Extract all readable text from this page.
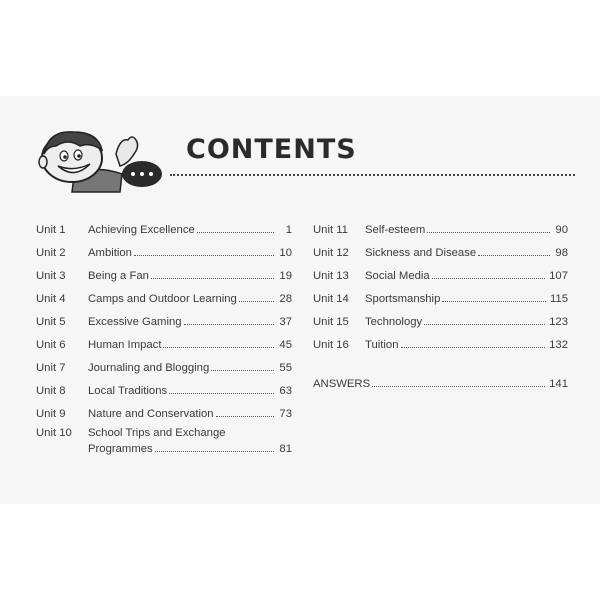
CONTENTS
Unit 1	Achieving Excellence	1
Unit 2	Ambition	10
Unit 3	Being a Fan	19
Unit 4	Camps and Outdoor Learning	28
Unit 5	Excessive Gaming	37
Unit 6	Human Impact	45
Unit 7	Journaling and Blogging	55
Unit 8	Local Traditions	63
Unit 9	Nature and Conservation	73
Unit 10	School Trips and Exchange
Programmes	81
Unit 11	Self-esteem	90
Unit 12	Sickness and Disease	98
Unit 13	Social Media	107
Unit 14	Sportsmanship	115
Unit 15	Technology	123
Unit 16	Tuition	132
ANSWERS	141
